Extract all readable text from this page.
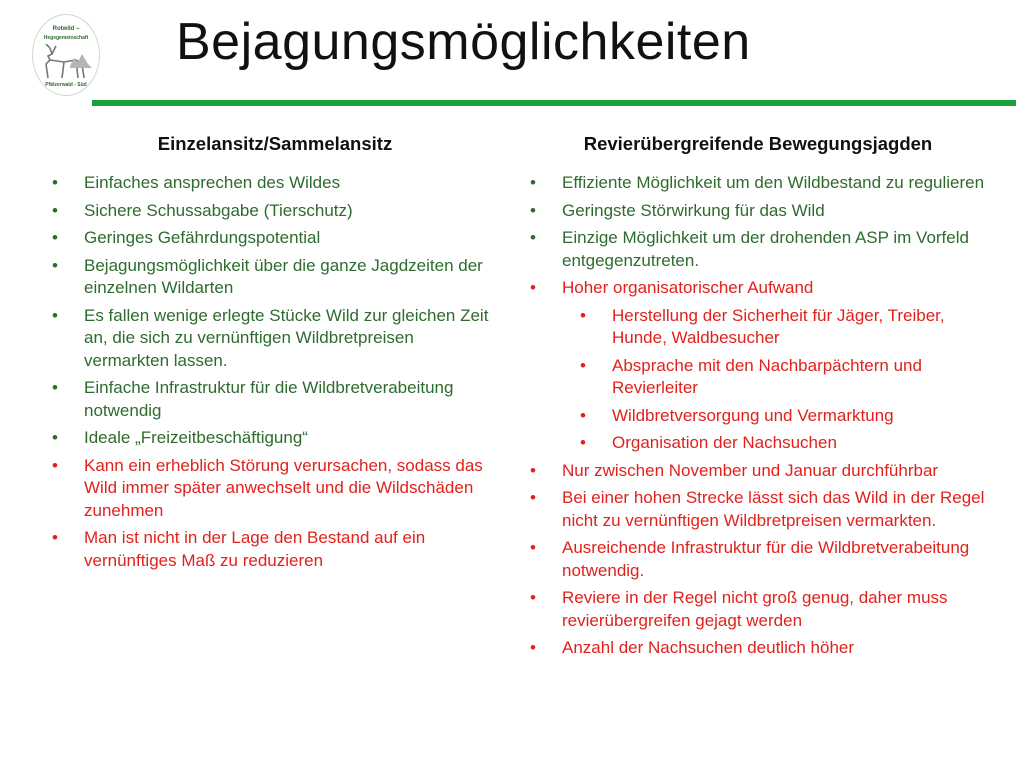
Rotwild –
Hegegemeinschaft
Pfälzerwald - Süd
Bejagungsmöglichkeiten
Einzelansitz/Sammelansitz
• Einfaches ansprechen des Wildes
• Sichere Schussabgabe (Tierschutz)
• Geringes Gefährdungspotential
• Bejagungsmöglichkeit über die ganze Jagdzeiten der einzelnen Wildarten
• Es fallen wenige erlegte Stücke Wild zur gleichen Zeit an, die sich zu vernünftigen Wildbretpreisen vermarkten lassen.
• Einfache Infrastruktur für die Wildbretverabeitung notwendig
• Ideale „Freizeitbeschäftigung“
• Kann ein erheblich Störung verursachen, sodass das Wild immer später anwechselt und die Wildschäden zunehmen
• Man ist nicht in der Lage den Bestand auf ein vernünftiges Maß zu reduzieren
Revierübergreifende Bewegungsjagden
• Effiziente Möglichkeit um den Wildbestand zu regulieren
• Geringste Störwirkung für das Wild
• Einzige Möglichkeit um der drohenden ASP im Vorfeld entgegenzutreten.
• Hoher organisatorischer Aufwand
• Herstellung der Sicherheit für Jäger, Treiber, Hunde, Waldbesucher
• Absprache mit den Nachbarpächtern und Revierleiter
• Wildbretversorgung und Vermarktung
• Organisation der Nachsuchen
• Nur zwischen November und Januar durchführbar
• Bei einer hohen Strecke lässt sich das Wild in der Regel nicht zu vernünftigen Wildbretpreisen vermarkten.
• Ausreichende Infrastruktur für die Wildbretverabeitung notwendig.
• Reviere in der Regel nicht groß genug, daher muss revierübergreifen gejagt werden
• Anzahl der Nachsuchen deutlich höher
